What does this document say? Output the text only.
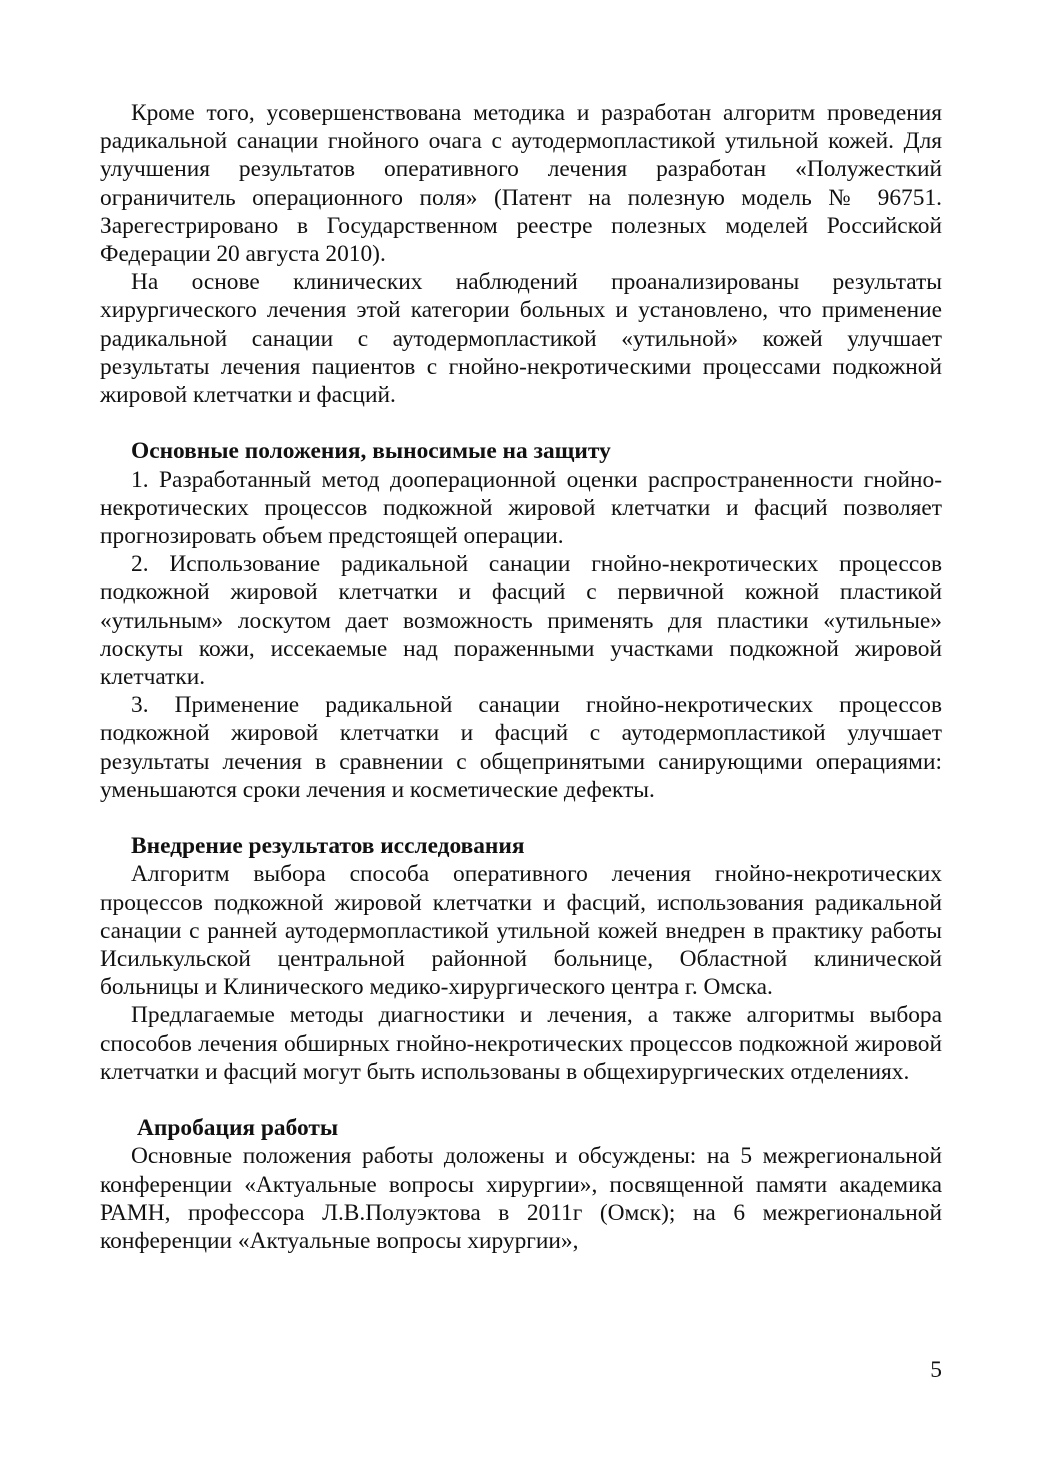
Кроме того, усовершенствована методика и разработан алгоритм проведения радикальной санации гнойного очага с аутодермопластикой утильной кожей. Для улучшения результатов оперативного лечения разработан «Полужесткий ограничитель операционного поля» (Патент на полезную модель № 96751. Зарегестрировано в Государственном реестре полезных моделей Российской Федерации 20 августа 2010).

На основе клинических наблюдений проанализированы результаты хирургического лечения этой категории больных и установлено, что применение радикальной санации с аутодермопластикой «утильной» кожей улучшает результаты лечения пациентов с гнойно-некротическими процессами подкожной жировой клетчатки и фасций.

Основные положения, выносимые на защиту

1. Разработанный метод дооперационной оценки распространенности гнойно-некротических процессов подкожной жировой клетчатки и фасций позволяет прогнозировать объем предстоящей операции.

2. Использование радикальной санации гнойно-некротических процессов подкожной жировой клетчатки и фасций с первичной кожной пластикой «утильным» лоскутом дает возможность применять для пластики «утильные» лоскуты кожи, иссекаемые над пораженными участками подкожной жировой клетчатки.

3. Применение радикальной санации гнойно-некротических процессов подкожной жировой клетчатки и фасций с аутодермопластикой улучшает результаты лечения в сравнении с общепринятыми санирующими операциями: уменьшаются сроки лечения и косметические дефекты.

Внедрение результатов исследования

Алгоритм выбора способа оперативного лечения гнойно-некротических процессов подкожной жировой клетчатки и фасций, использования радикальной санации с ранней аутодермопластикой утильной кожей внедрен в практику работы Исилькульской центральной районной больнице, Областной клинической больницы и Клинического медико-хирургического центра г. Омска.

Предлагаемые методы диагностики и лечения, а также алгоритмы выбора способов лечения обширных гнойно-некротических процессов подкожной жировой клетчатки и фасций могут быть использованы в общехирургических отделениях.

Апробация работы

Основные положения работы доложены и обсуждены: на 5 межрегиональной конференции «Актуальные вопросы хирургии», посвященной памяти академика РАМН, профессора Л.В.Полуэктова в 2011г (Омск); на 6 межрегиональной конференции «Актуальные вопросы хирургии»,

5
